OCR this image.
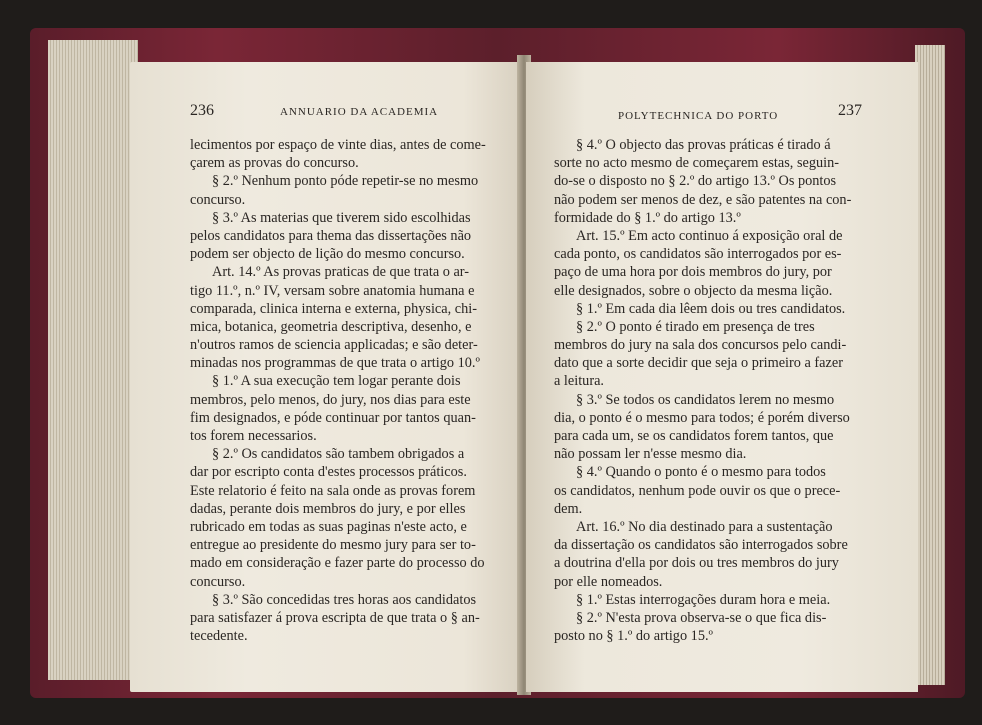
236	ANNUARIO DA ACADEMIA
lecimentos por espaço de vinte dias, antes de come-
çarem as provas do concurso.
§ 2.º Nenhum ponto póde repetir-se no mesmo
concurso.
§ 3.º As materias que tiverem sido escolhidas
pelos candidatos para thema das dissertações não
podem ser objecto de lição do mesmo concurso.
Art. 14.º As provas praticas de que trata o ar-
tigo 11.º, n.º IV, versam sobre anatomia humana e
comparada, clinica interna e externa, physica, chi-
mica, botanica, geometria descriptiva, desenho, e
n'outros ramos de sciencia applicadas; e são deter-
minadas nos programmas de que trata o artigo 10.º
§ 1.º A sua execução tem logar perante dois
membros, pelo menos, do jury, nos dias para este
fim designados, e póde continuar por tantos quan-
tos forem necessarios.
§ 2.º Os candidatos são tambem obrigados a
dar por escripto conta d'estes processos práticos.
Este relatorio é feito na sala onde as provas forem
dadas, perante dois membros do jury, e por elles
rubricado em todas as suas paginas n'este acto, e
entregue ao presidente do mesmo jury para ser to-
mado em consideração e fazer parte do processo do
concurso.
§ 3.º São concedidas tres horas aos candidatos
para satisfazer á prova escripta de que trata o § an-
tecedente.
POLYTECHNICA DO PORTO	237
§ 4.º O objecto das provas práticas é tirado á
sorte no acto mesmo de começarem estas, seguin-
do-se o disposto no § 2.º do artigo 13.º Os pontos
não podem ser menos de dez, e são patentes na con-
formidade do § 1.º do artigo 13.º
Art. 15.º Em acto continuo á exposição oral de
cada ponto, os candidatos são interrogados por es-
paço de uma hora por dois membros do jury, por
elle designados, sobre o objecto da mesma lição.
§ 1.º Em cada dia lêem dois ou tres candidatos.
§ 2.º O ponto é tirado em presença de tres
membros do jury na sala dos concursos pelo candi-
dato que a sorte decidir que seja o primeiro a fazer
a leitura.
§ 3.º Se todos os candidatos lerem no mesmo
dia, o ponto é o mesmo para todos; é porém diverso
para cada um, se os candidatos forem tantos, que
não possam ler n'esse mesmo dia.
§ 4.º Quando o ponto é o mesmo para todos
os candidatos, nenhum pode ouvir os que o prece-
dem.
Art. 16.º No dia destinado para a sustentação
da dissertação os candidatos são interrogados sobre
a doutrina d'ella por dois ou tres membros do jury
por elle nomeados.
§ 1.º Estas interrogações duram hora e meia.
§ 2.º N'esta prova observa-se o que fica dis-
posto no § 1.º do artigo 15.º
